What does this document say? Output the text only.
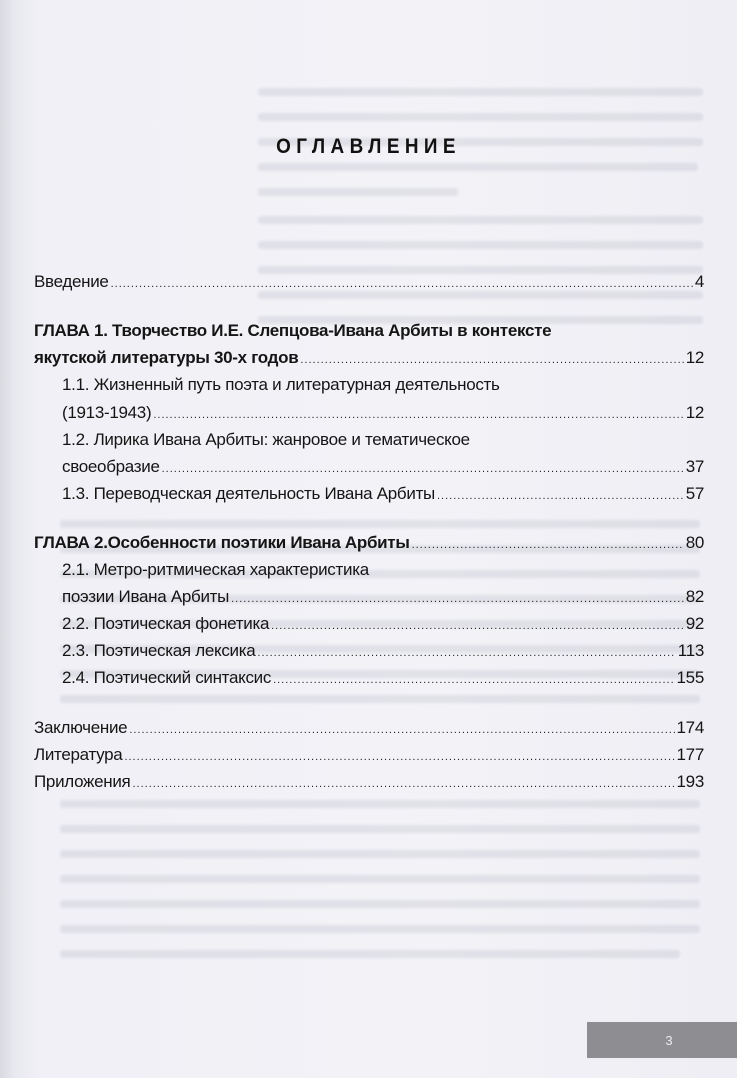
ОГЛАВЛЕНИЕ
Введение .....	4
ГЛАВА 1. Творчество И.Е. Слепцова-Ивана Арбиты в контексте
якутской литературы 30-х годов .....	12
1.1. Жизненный путь поэта и литературная деятельность
(1913-1943) .....	12
1.2. Лирика Ивана Арбиты: жанровое и тематическое
своеобразие .....	37
1.3. Переводческая деятельность Ивана Арбиты .....	57
ГЛАВА 2.Особенности поэтики Ивана Арбиты .....	80
2.1. Метро-ритмическая характеристика
поэзии Ивана Арбиты .....	82
2.2. Поэтическая фонетика .....	92
2.3. Поэтическая лексика .....	113
2.4. Поэтический синтаксис .....	155
Заключение .....	174
Литература .....	177
Приложения .....	193
3
